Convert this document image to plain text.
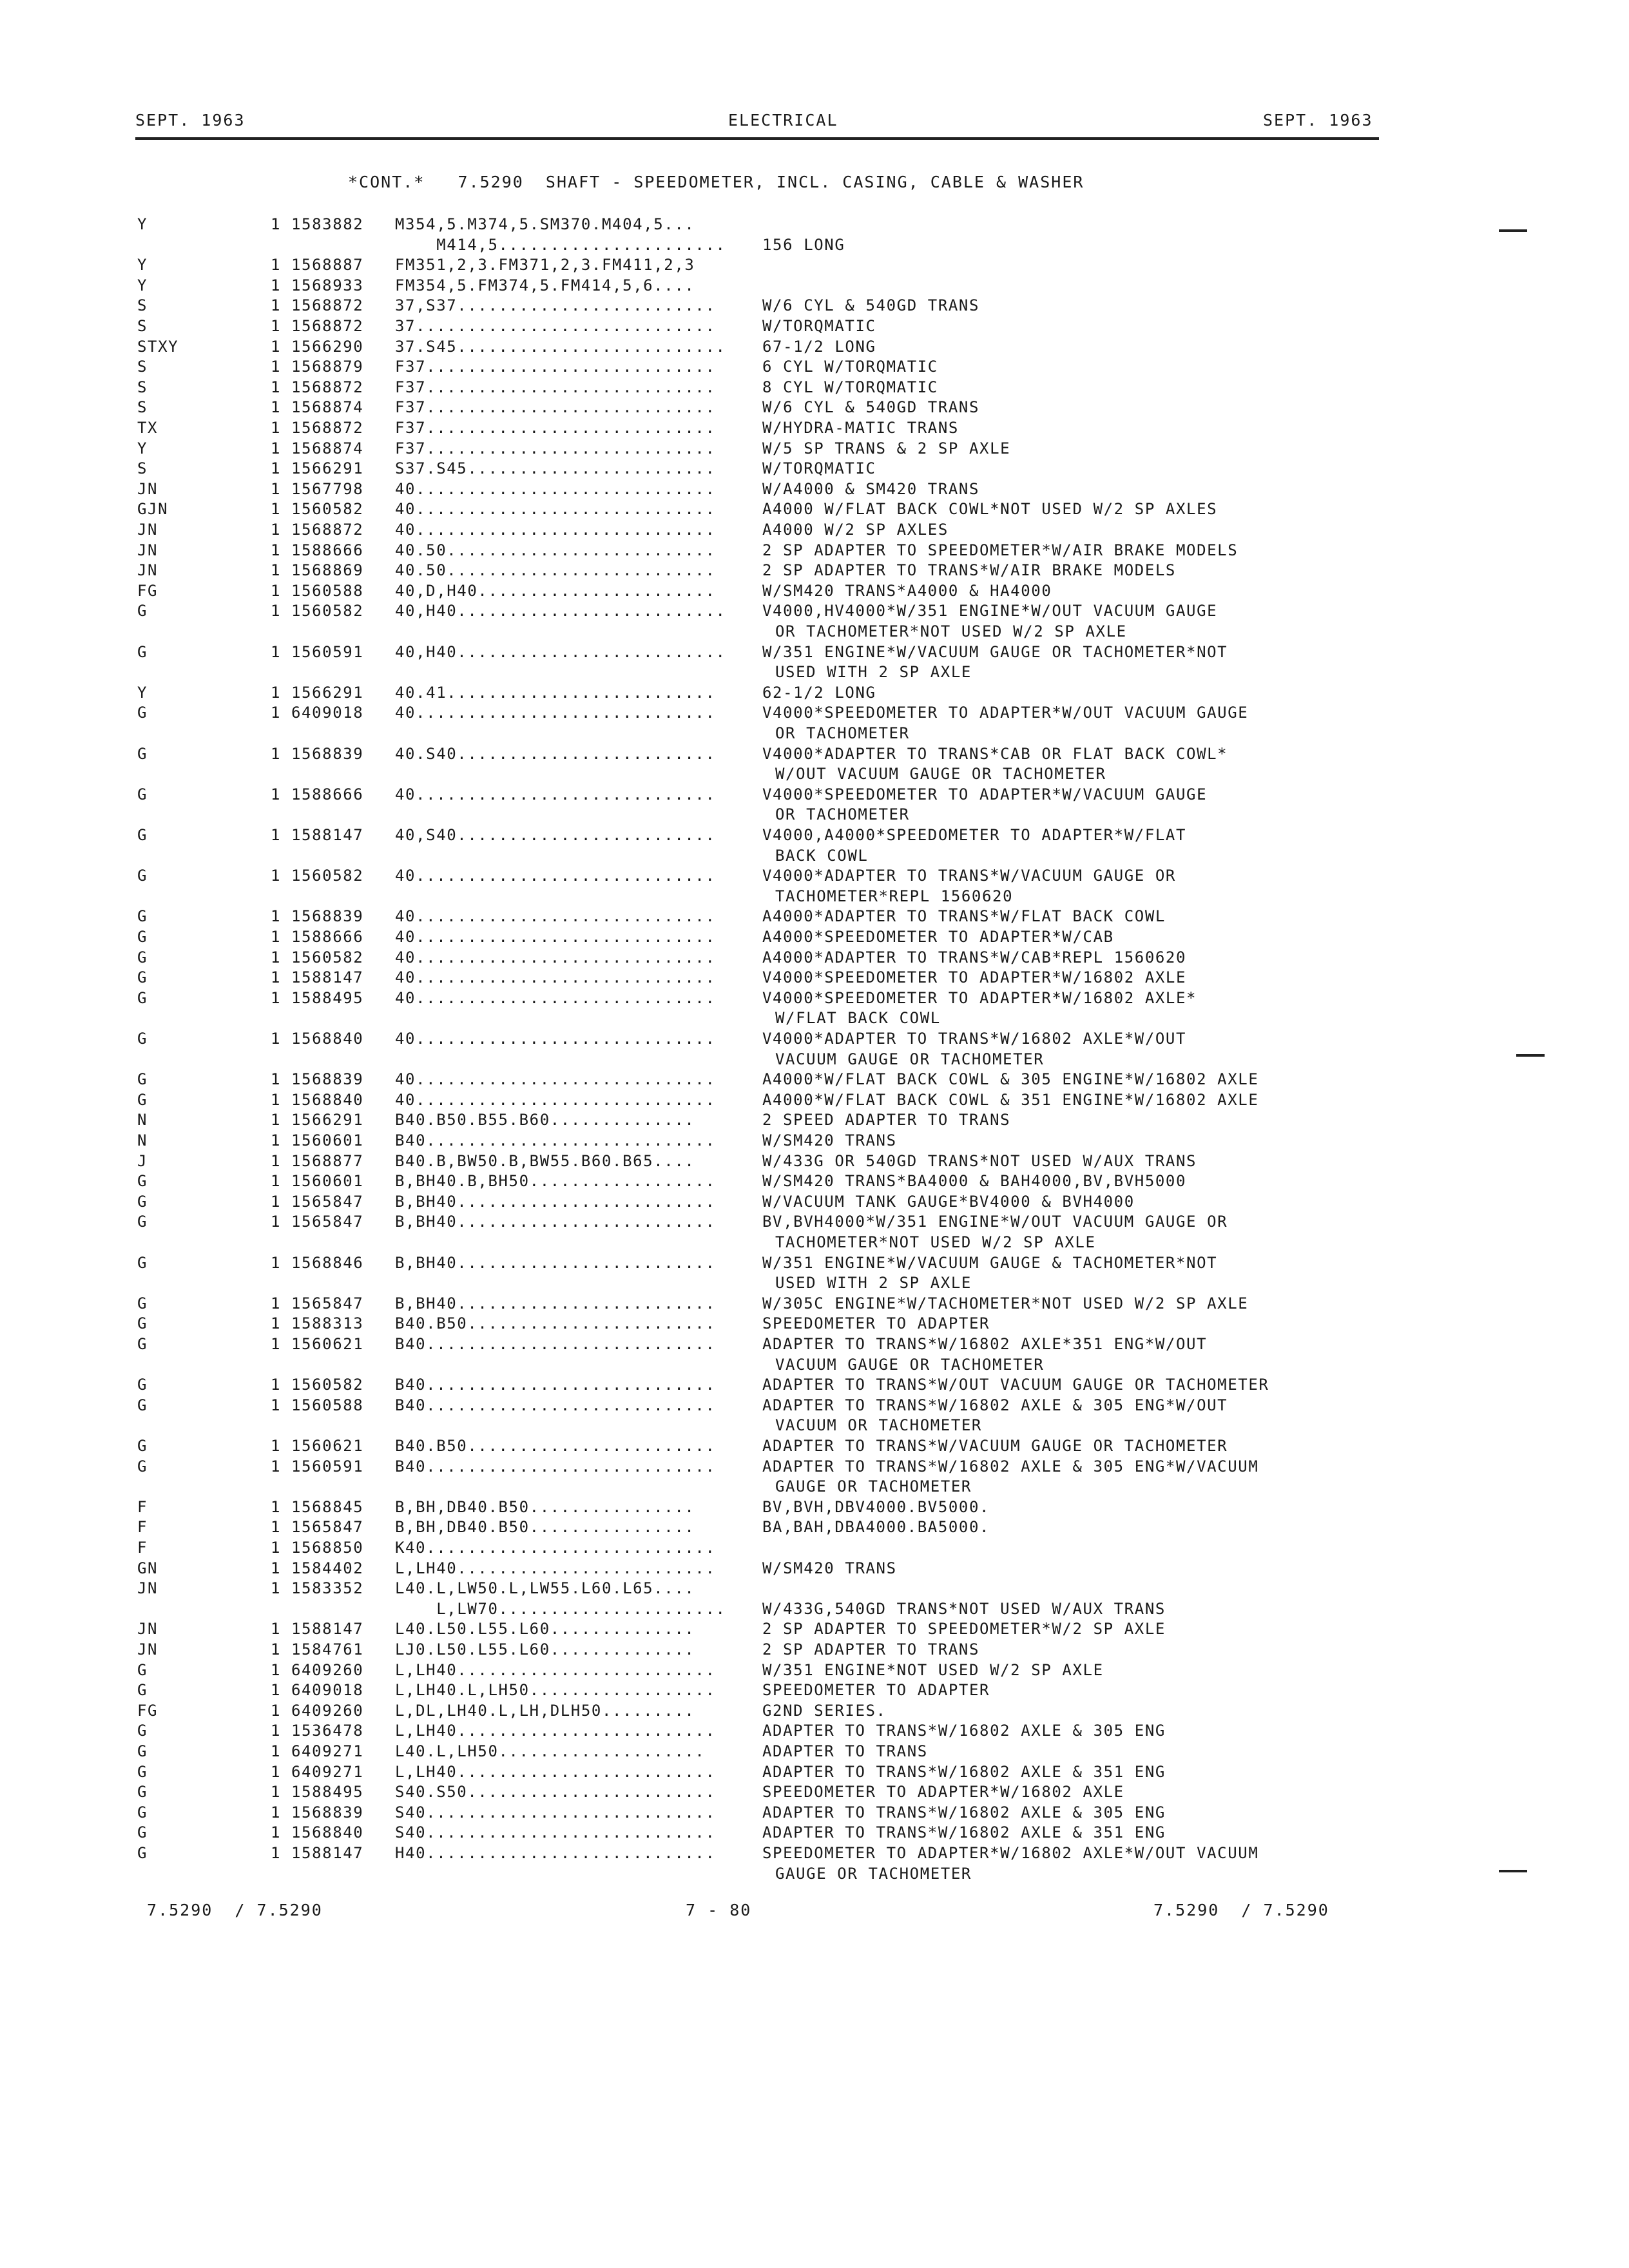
SEPT. 1963	ELECTRICAL	SEPT. 1963
*CONT.*   7.5290  SHAFT - SPEEDOMETER, INCL. CASING, CABLE & WASHER
Y	1 1583882 M354,5.M374,5.SM370.M404,5...
M414,5...................... 156 LONG
Y	1 1568887 FM351,2,3.FM371,2,3.FM411,2,3
Y	1 1568933 FM354,5.FM374,5.FM414,5,6....
S	1 1568872 37,S37.........................	W/6 CYL & 540GD TRANS
S	1 1568872 37.............................	W/TORQMATIC
STXY	1 1566290 37.S45.......................... 67-1/2 LONG
S	1 1568879 F37............................	6 CYL W/TORQMATIC
S	1 1568872 F37............................	8 CYL W/TORQMATIC
S	1 1568874 F37............................	W/6 CYL & 540GD TRANS
TX	1 1568872 F37............................	W/HYDRA-MATIC TRANS
Y	1 1568874 F37............................	W/5 SP TRANS & 2 SP AXLE
S	1 1566291 S37.S45........................	W/TORQMATIC
JN	1 1567798 40.............................	W/A4000 & SM420 TRANS
GJN	1 1560582 40.............................	A4000 W/FLAT BACK COWL*NOT USED W/2 SP AXLES
JN	1 1568872 40.............................	A4000 W/2 SP AXLES
JN	1 1588666 40.50..........................	2 SP ADAPTER TO SPEEDOMETER*W/AIR BRAKE MODELS
JN	1 1568869 40.50..........................	2 SP ADAPTER TO TRANS*W/AIR BRAKE MODELS
FG	1 1560588 40,D,H40.......................	W/SM420 TRANS*A4000 & HA4000
G	1 1560582 40,H40.......................... V4000,HV4000*W/351 ENGINE*W/OUT VACUUM GAUGE
OR TACHOMETER*NOT USED W/2 SP AXLE
G	1 1560591 40,H40.......................... W/351 ENGINE*W/VACUUM GAUGE OR TACHOMETER*NOT
USED WITH 2 SP AXLE
Y	1 1566291 40.41..........................	62-1/2 LONG
G	1 6409018 40.............................	V4000*SPEEDOMETER TO ADAPTER*W/OUT VACUUM GAUGE
OR TACHOMETER
G	1 1568839 40.S40.........................	V4000*ADAPTER TO TRANS*CAB OR FLAT BACK COWL*
W/OUT VACUUM GAUGE OR TACHOMETER
G	1 1588666 40.............................	V4000*SPEEDOMETER TO ADAPTER*W/VACUUM GAUGE
OR TACHOMETER
G	1 1588147 40,S40.........................	V4000,A4000*SPEEDOMETER TO ADAPTER*W/FLAT
BACK COWL
G	1 1560582 40.............................	V4000*ADAPTER TO TRANS*W/VACUUM GAUGE OR
TACHOMETER*REPL 1560620
G	1 1568839 40.............................	A4000*ADAPTER TO TRANS*W/FLAT BACK COWL
G	1 1588666 40.............................	A4000*SPEEDOMETER TO ADAPTER*W/CAB
G	1 1560582 40.............................	A4000*ADAPTER TO TRANS*W/CAB*REPL 1560620
G	1 1588147 40.............................	V4000*SPEEDOMETER TO ADAPTER*W/16802 AXLE
G	1 1588495 40.............................	V4000*SPEEDOMETER TO ADAPTER*W/16802 AXLE*
W/FLAT BACK COWL
G	1 1568840 40.............................	V4000*ADAPTER TO TRANS*W/16802 AXLE*W/OUT
VACUUM GAUGE OR TACHOMETER
G	1 1568839 40.............................	A4000*W/FLAT BACK COWL & 305 ENGINE*W/16802 AXLE
G	1 1568840 40.............................	A4000*W/FLAT BACK COWL & 351 ENGINE*W/16802 AXLE
N	1 1566291 B40.B50.B55.B60..............	2 SPEED ADAPTER TO TRANS
N	1 1560601 B40............................	W/SM420 TRANS
J	1 1568877 B40.B,BW50.B,BW55.B60.B65....	W/433G OR 540GD TRANS*NOT USED W/AUX TRANS
G	1 1560601 B,BH40.B,BH50..................	W/SM420 TRANS*BA4000 & BAH4000,BV,BVH5000
G	1 1565847 B,BH40.........................	W/VACUUM TANK GAUGE*BV4000 & BVH4000
G	1 1565847 B,BH40.........................	BV,BVH4000*W/351 ENGINE*W/OUT VACUUM GAUGE OR
TACHOMETER*NOT USED W/2 SP AXLE
G	1 1568846 B,BH40.........................	W/351 ENGINE*W/VACUUM GAUGE & TACHOMETER*NOT
USED WITH 2 SP AXLE
G	1 1565847 B,BH40.........................	W/305C ENGINE*W/TACHOMETER*NOT USED W/2 SP AXLE
G	1 1588313 B40.B50........................	SPEEDOMETER TO ADAPTER
G	1 1560621 B40............................	ADAPTER TO TRANS*W/16802 AXLE*351 ENG*W/OUT
VACUUM GAUGE OR TACHOMETER
G	1 1560582 B40............................	ADAPTER TO TRANS*W/OUT VACUUM GAUGE OR TACHOMETER
G	1 1560588 B40............................	ADAPTER TO TRANS*W/16802 AXLE & 305 ENG*W/OUT
VACUUM OR TACHOMETER
G	1 1560621 B40.B50........................	ADAPTER TO TRANS*W/VACUUM GAUGE OR TACHOMETER
G	1 1560591 B40............................	ADAPTER TO TRANS*W/16802 AXLE & 305 ENG*W/VACUUM
GAUGE OR TACHOMETER
F	1 1568845 B,BH,DB40.B50................	BV,BVH,DBV4000.BV5000.
F	1 1565847 B,BH,DB40.B50................	BA,BAH,DBA4000.BA5000.
F	1 1568850 K40............................
GN	1 1584402 L,LH40.........................	W/SM420 TRANS
JN	1 1583352 L40.L,LW50.L,LW55.L60.L65....
L,LW70...................... W/433G,540GD TRANS*NOT USED W/AUX TRANS
JN	1 1588147 L40.L50.L55.L60..............	2 SP ADAPTER TO SPEEDOMETER*W/2 SP AXLE
JN	1 1584761 LJ0.L50.L55.L60..............	2 SP ADAPTER TO TRANS
G	1 6409260 L,LH40.........................	W/351 ENGINE*NOT USED W/2 SP AXLE
G	1 6409018 L,LH40.L,LH50..................	SPEEDOMETER TO ADAPTER
FG	1 6409260 L,DL,LH40.L,LH,DLH50.........	G2ND SERIES.
G	1 1536478 L,LH40.........................	ADAPTER TO TRANS*W/16802 AXLE & 305 ENG
G	1 6409271 L40.L,LH50....................	ADAPTER TO TRANS
G	1 6409271 L,LH40.........................	ADAPTER TO TRANS*W/16802 AXLE & 351 ENG
G	1 1588495 S40.S50........................	SPEEDOMETER TO ADAPTER*W/16802 AXLE
G	1 1568839 S40............................	ADAPTER TO TRANS*W/16802 AXLE & 305 ENG
G	1 1568840 S40............................	ADAPTER TO TRANS*W/16802 AXLE & 351 ENG
G	1 1588147 H40............................	SPEEDOMETER TO ADAPTER*W/16802 AXLE*W/OUT VACUUM
GAUGE OR TACHOMETER
7.5290  / 7.5290	7 - 80	7.5290  / 7.5290
